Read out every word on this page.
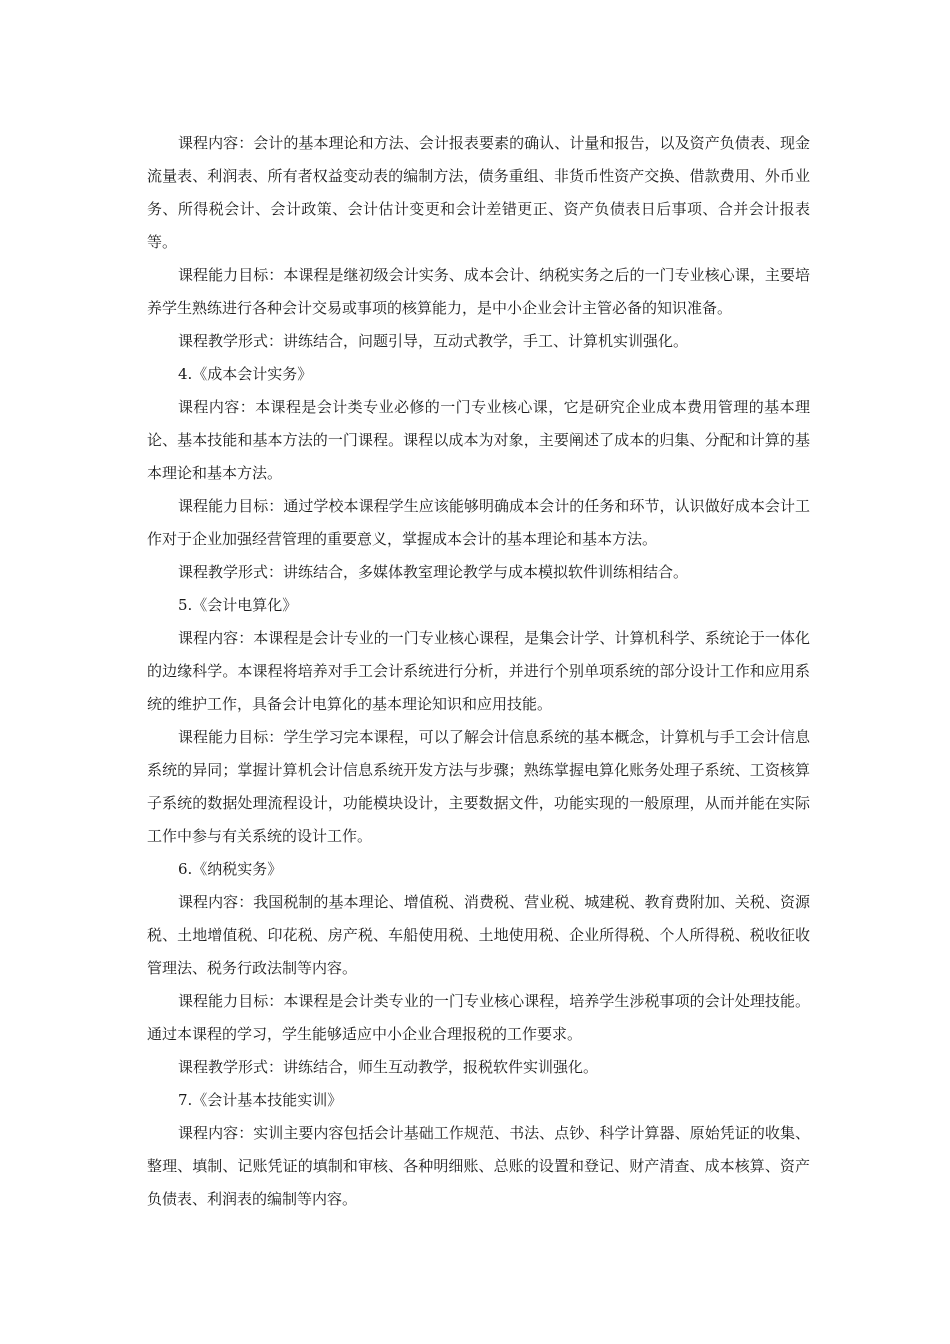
课程内容：会计的基本理论和方法、会计报表要素的确认、计量和报告，以及资产负债表、现金流量表、利润表、所有者权益变动表的编制方法，债务重组、非货币性资产交换、借款费用、外币业务、所得税会计、会计政策、会计估计变更和会计差错更正、资产负债表日后事项、合并会计报表等。

课程能力目标：本课程是继初级会计实务、成本会计、纳税实务之后的一门专业核心课，主要培养学生熟练进行各种会计交易或事项的核算能力，是中小企业会计主管必备的知识准备。

课程教学形式：讲练结合，问题引导，互动式教学，手工、计算机实训强化。

4.《成本会计实务》

课程内容：本课程是会计类专业必修的一门专业核心课，它是研究企业成本费用管理的基本理论、基本技能和基本方法的一门课程。课程以成本为对象，主要阐述了成本的归集、分配和计算的基本理论和基本方法。

课程能力目标：通过学校本课程学生应该能够明确成本会计的任务和环节，认识做好成本会计工作对于企业加强经营管理的重要意义，掌握成本会计的基本理论和基本方法。

课程教学形式：讲练结合，多媒体教室理论教学与成本模拟软件训练相结合。

5.《会计电算化》

课程内容：本课程是会计专业的一门专业核心课程，是集会计学、计算机科学、系统论于一体化的边缘科学。本课程将培养对手工会计系统进行分析，并进行个别单项系统的部分设计工作和应用系统的维护工作，具备会计电算化的基本理论知识和应用技能。

课程能力目标：学生学习完本课程，可以了解会计信息系统的基本概念，计算机与手工会计信息系统的异同；掌握计算机会计信息系统开发方法与步骤；熟练掌握电算化账务处理子系统、工资核算子系统的数据处理流程设计，功能模块设计，主要数据文件，功能实现的一般原理，从而并能在实际工作中参与有关系统的设计工作。

6.《纳税实务》

课程内容：我国税制的基本理论、增值税、消费税、营业税、城建税、教育费附加、关税、资源税、土地增值税、印花税、房产税、车船使用税、土地使用税、企业所得税、个人所得税、税收征收管理法、税务行政法制等内容。

课程能力目标：本课程是会计类专业的一门专业核心课程，培养学生涉税事项的会计处理技能。通过本课程的学习，学生能够适应中小企业合理报税的工作要求。

课程教学形式：讲练结合，师生互动教学，报税软件实训强化。

7.《会计基本技能实训》

课程内容：实训主要内容包括会计基础工作规范、书法、点钞、科学计算器、原始凭证的收集、整理、填制、记账凭证的填制和审核、各种明细账、总账的设置和登记、财产清查、成本核算、资产负债表、利润表的编制等内容。
